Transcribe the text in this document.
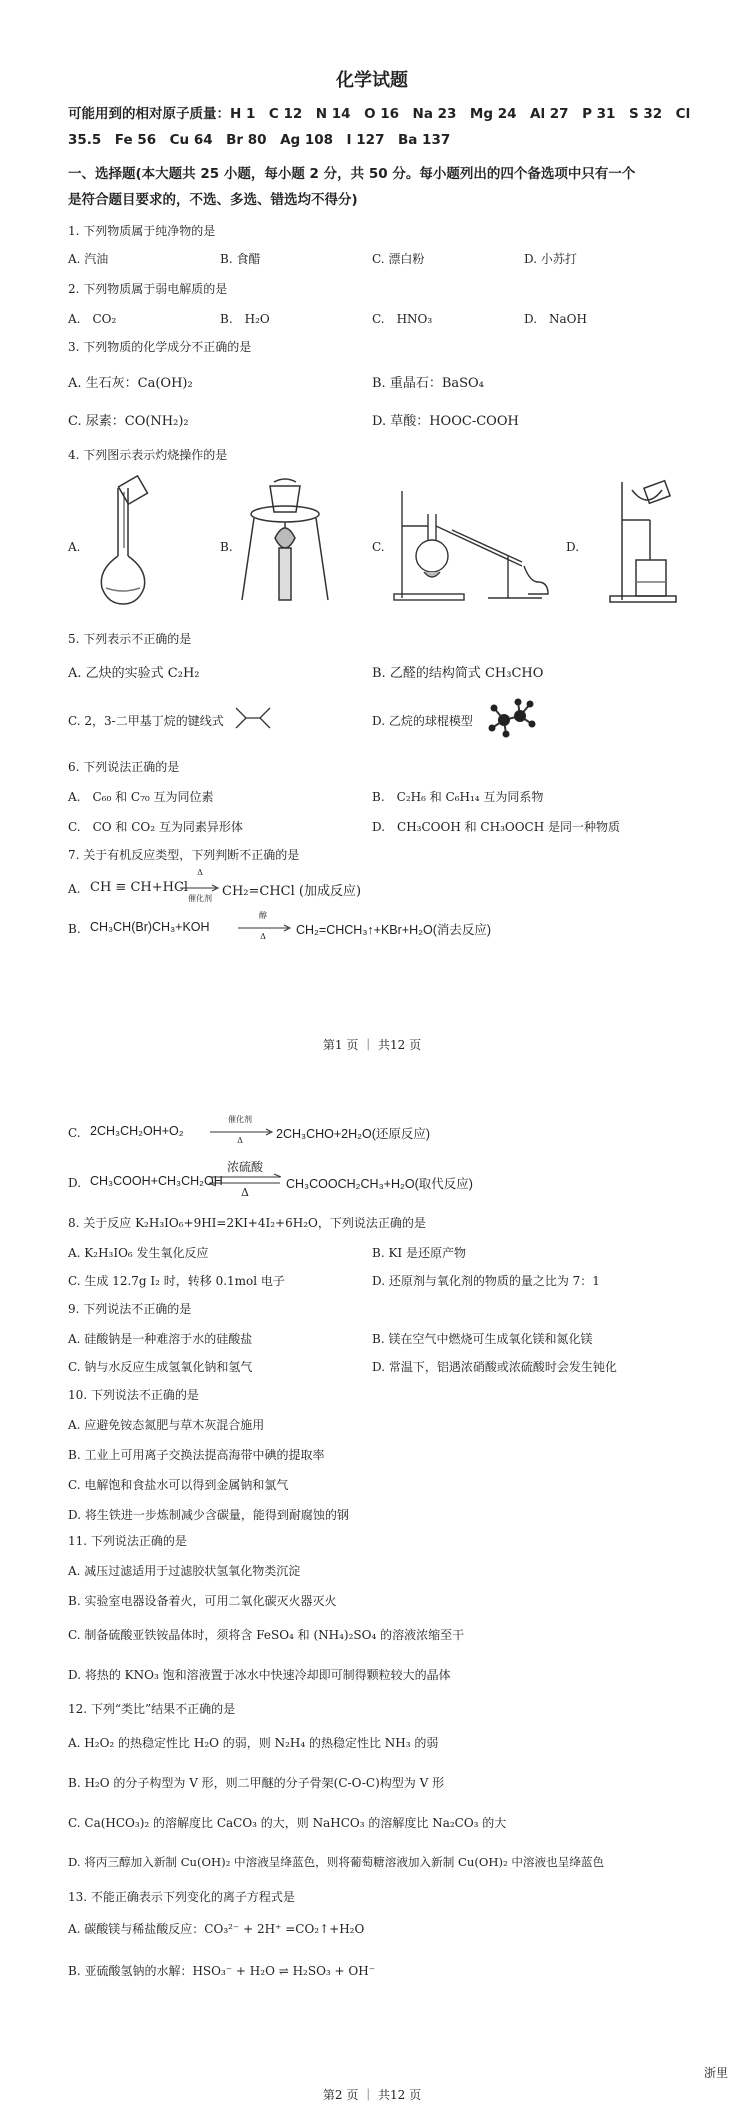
化学试题
可能用到的相对原子质量：H 1　C 12　N 14　O 16　Na 23　Mg 24　Al 27　P 31　S 32　Cl
35.5　Fe 56　Cu 64　Br 80　Ag 108　I 127　Ba 137
一、选择题(本大题共 25 小题，每小题 2 分，共 50 分。每小题列出的四个备选项中只有一个
是符合题目要求的，不选、多选、错选均不得分)
1. 下列物质属于纯净物的是
A. 汽油	B. 食醋	C. 漂白粉	D. 小苏打
2. 下列物质属于弱电解质的是
A.　CO₂	B.　H₂O	C.　HNO₃	D.　NaOH
3. 下列物质的化学成分不正确的是
A. 生石灰：Ca(OH)₂	B. 重晶石：BaSO₄
C. 尿素：CO(NH₂)₂	D. 草酸：HOOC-COOH
4. 下列图示表示灼烧操作的是
A.	B.	C.	D.
5. 下列表示不正确的是
A. 乙炔的实验式 C₂H₂	B. 乙醛的结构简式 CH₃CHO
C. 2，3-二甲基丁烷的键线式	D. 乙烷的球棍模型
6. 下列说法正确的是
A.　C₆₀ 和 C₇₀ 互为同位素	B.　C₂H₆ 和 C₆H₁₄ 互为同系物
C.　CO 和 CO₂ 互为同素异形体	D.　CH₃COOH 和 CH₃OOCH 是同一种物质
7. 关于有机反应类型，下列判断不正确的是
A. CH ≡ CH+HCl
Δ
催化剂 CH₂=CHCl (加成反应)
B. CH₃CH(Br)CH₃+KOH
醇
Δ	CH₂=CHCH₃↑+KBr+H₂O(消去反应)
第1 页 ｜ 共12 页
C. 2CH₃CH₂OH+O₂
催化剂
Δ	2CH₃CHO+2H₂O(还原反应)
D. CH₃COOH+CH₃CH₂OH
浓硫酸
Δ
CH₃COOCH₂CH₃+H₂O(取代反应)
8. 关于反应 K₂H₃IO₆+9HI=2KI+4I₂+6H₂O，下列说法正确的是
A. K₂H₃IO₆ 发生氧化反应	B. KI 是还原产物
C. 生成 12.7g I₂ 时，转移 0.1mol 电子	D. 还原剂与氧化剂的物质的量之比为 7：1
9. 下列说法不正确的是
A. 硅酸钠是一种难溶于水的硅酸盐	B. 镁在空气中燃烧可生成氧化镁和氮化镁
C. 钠与水反应生成氢氧化钠和氢气	D. 常温下，铝遇浓硝酸或浓硫酸时会发生钝化
10. 下列说法不正确的是
A. 应避免铵态氮肥与草木灰混合施用
B. 工业上可用离子交换法提高海带中碘的提取率
C. 电解饱和食盐水可以得到金属钠和氯气
D. 将生铁进一步炼制减少含碳量，能得到耐腐蚀的钢
11. 下列说法正确的是
A. 减压过滤适用于过滤胶状氢氧化物类沉淀
B. 实验室电器设备着火，可用二氧化碳灭火器灭火
C. 制备硫酸亚铁铵晶体时，须将含 FeSO₄ 和 (NH₄)₂SO₄ 的溶液浓缩至干
D. 将热的 KNO₃ 饱和溶液置于冰水中快速冷却即可制得颗粒较大的晶体
12. 下列“类比”结果不正确的是
A. H₂O₂ 的热稳定性比 H₂O 的弱，则 N₂H₄ 的热稳定性比 NH₃ 的弱
B. H₂O 的分子构型为 V 形，则二甲醚的分子骨架(C-O-C)构型为 V 形
C. Ca(HCO₃)₂ 的溶解度比 CaCO₃ 的大，则 NaHCO₃ 的溶解度比 Na₂CO₃ 的大
D. 将丙三醇加入新制 Cu(OH)₂ 中溶液呈绛蓝色，则将葡萄糖溶液加入新制 Cu(OH)₂ 中溶液也呈绛蓝色
13. 不能正确表示下列变化的离子方程式是
A. 碳酸镁与稀盐酸反应：CO₃²⁻ + 2H⁺ =CO₂↑+H₂O
B. 亚硫酸氢钠的水解：HSO₃⁻ + H₂O ⇌ H₂SO₃ + OH⁻
浙里
第2 页 ｜ 共12 页
